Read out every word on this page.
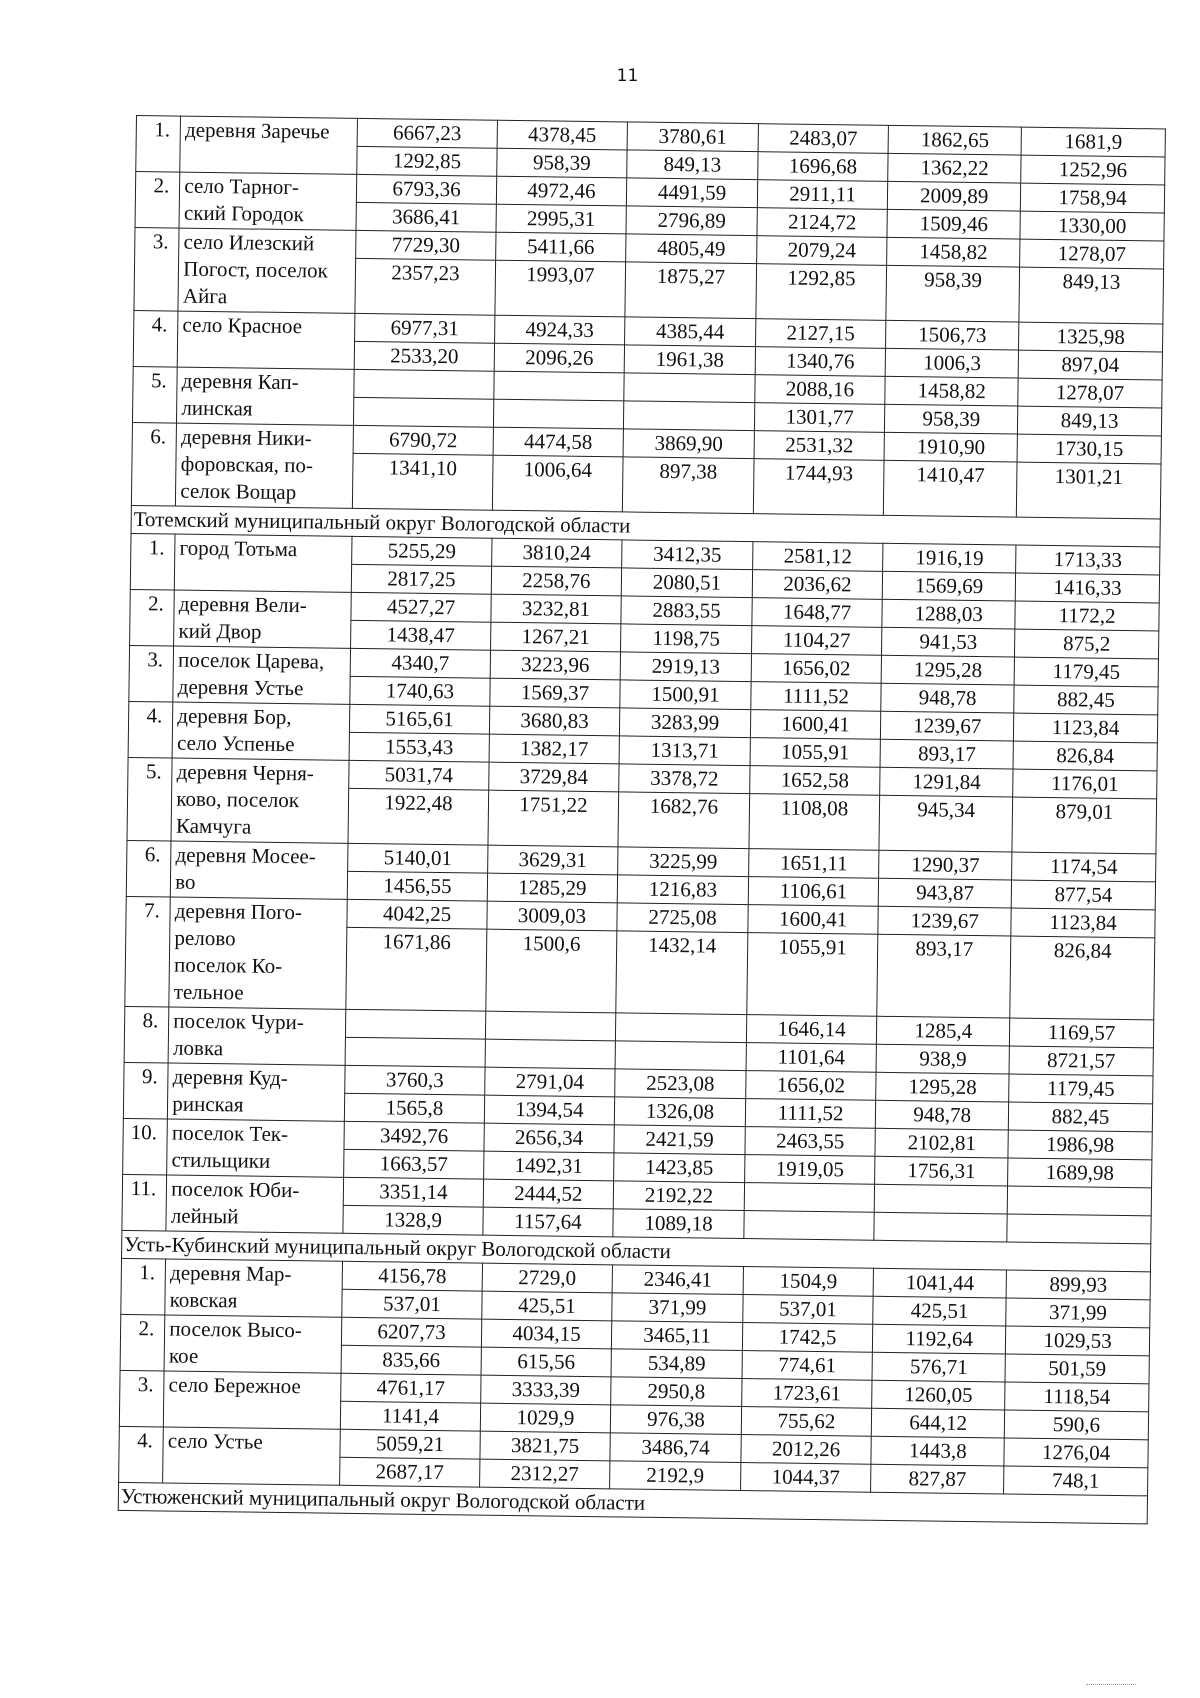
11
1.	деревня Заречье	6667,23	4378,45	3780,61	2483,07	1862,65	1681,9
		1292,85	958,39	849,13	1696,68	1362,22	1252,96
2.	село Тарног-
ский Городок	6793,36	4972,46	4491,59	2911,11	2009,89	1758,94
		3686,41	2995,31	2796,89	2124,72	1509,46	1330,00
3.	село Илезский
Погост, поселок
Айга	7729,30	5411,66	4805,49	2079,24	1458,82	1278,07
		2357,23	1993,07	1875,27	1292,85	958,39	849,13
4.	село Красное	6977,31	4924,33	4385,44	2127,15	1506,73	1325,98
		2533,20	2096,26	1961,38	1340,76	1006,3	897,04
5.	деревня Кап-
линская				2088,16	1458,82	1278,07
					1301,77	958,39	849,13
6.	деревня Ники-
форовская, по-
селок Вощар	6790,72	4474,58	3869,90	2531,32	1910,90	1730,15
		1341,10	1006,64	897,38	1744,93	1410,47	1301,21
Тотемский муниципальный округ Вологодской области							
1.	город Тотьма	5255,29	3810,24	3412,35	2581,12	1916,19	1713,33
		2817,25	2258,76	2080,51	2036,62	1569,69	1416,33
2.	деревня Вели-
кий Двор	4527,27	3232,81	2883,55	1648,77	1288,03	1172,2
		1438,47	1267,21	1198,75	1104,27	941,53	875,2
3.	поселок Царева,
деревня Устье	4340,7	3223,96	2919,13	1656,02	1295,28	1179,45
		1740,63	1569,37	1500,91	1111,52	948,78	882,45
4.	деревня Бор,
село Успенье	5165,61	3680,83	3283,99	1600,41	1239,67	1123,84
		1553,43	1382,17	1313,71	1055,91	893,17	826,84
5.	деревня Черня-
ково, поселок
Камчуга	5031,74	3729,84	3378,72	1652,58	1291,84	1176,01
		1922,48	1751,22	1682,76	1108,08	945,34	879,01
6.	деревня Мосее-
во	5140,01	3629,31	3225,99	1651,11	1290,37	1174,54
		1456,55	1285,29	1216,83	1106,61	943,87	877,54
7.	деревня Пого-
релово
поселок Ко-
тельное	4042,25	3009,03	2725,08	1600,41	1239,67	1123,84
		1671,86	1500,6	1432,14	1055,91	893,17	826,84
8.	поселок Чури-
ловка				1646,14	1285,4	1169,57
					1101,64	938,9	8721,57
9.	деревня Куд-
ринская	3760,3	2791,04	2523,08	1656,02	1295,28	1179,45
		1565,8	1394,54	1326,08	1111,52	948,78	882,45
10.	поселок Тек-
стильщики	3492,76	2656,34	2421,59	2463,55	2102,81	1986,98
		1663,57	1492,31	1423,85	1919,05	1756,31	1689,98
11.	поселок Юби-
лейный	3351,14	2444,52	2192,22			
		1328,9	1157,64	1089,18			
Усть-Кубинский муниципальный округ Вологодской области							
1.	деревня Мар-
ковская	4156,78	2729,0	2346,41	1504,9	1041,44	899,93
		537,01	425,51	371,99	537,01	425,51	371,99
2.	поселок Высо-
кое	6207,73	4034,15	3465,11	1742,5	1192,64	1029,53
		835,66	615,56	534,89	774,61	576,71	501,59
3.	село Бережное	4761,17	3333,39	2950,8	1723,61	1260,05	1118,54
		1141,4	1029,9	976,38	755,62	644,12	590,6
4.	село Устье	5059,21	3821,75	3486,74	2012,26	1443,8	1276,04
		2687,17	2312,27	2192,9	1044,37	827,87	748,1
Устюженский муниципальный округ Вологодской области							
